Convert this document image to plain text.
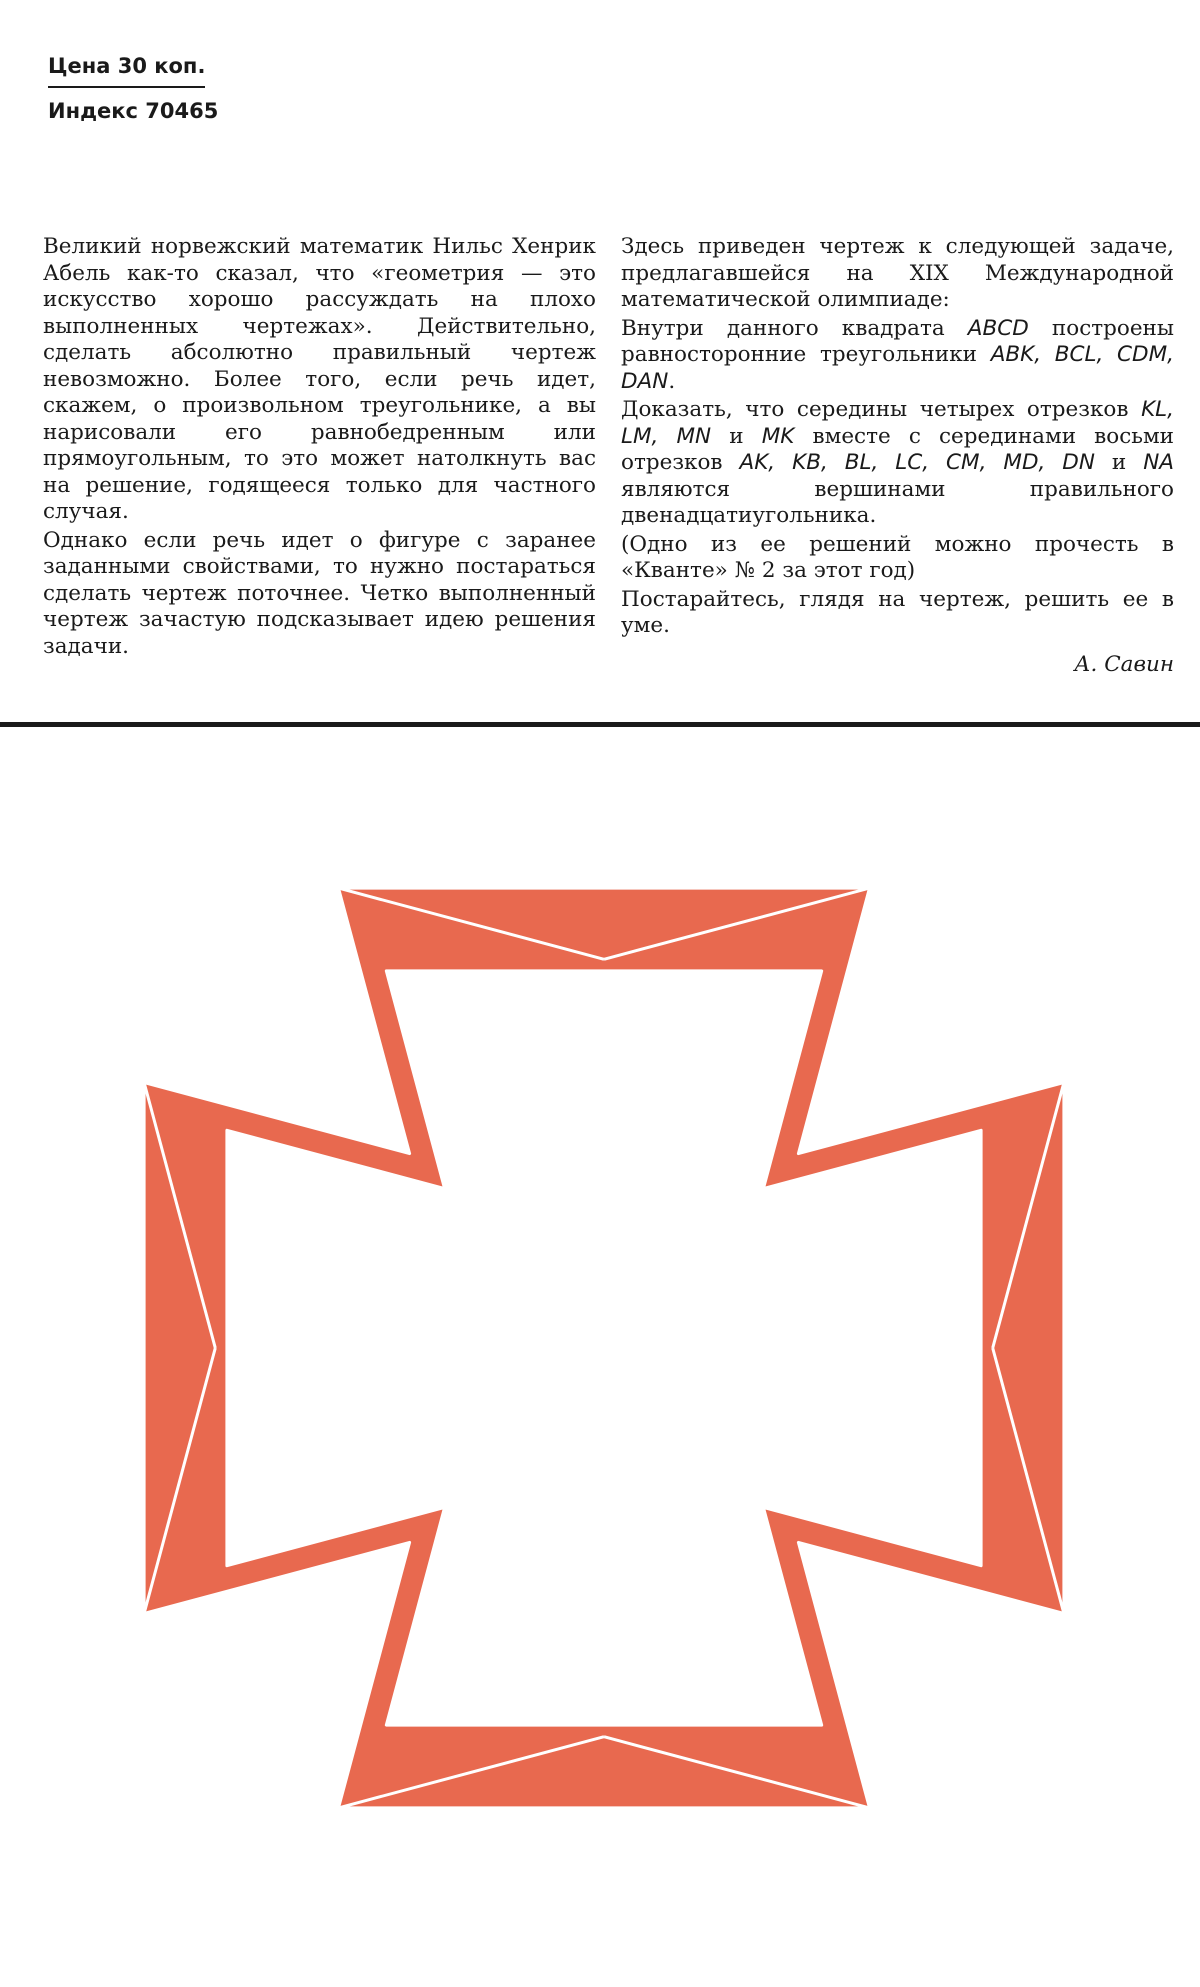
Цена 30 коп.
Индекс 70465

Великий норвежский математик Нильс Хенрик Абель как-то сказал, что «геометрия — это искусство хорошо рассуждать на плохо выполненных чертежах». Действительно, сделать абсолютно правильный чертеж невозможно. Более того, если речь идет, скажем, о произвольном треугольнике, а вы нарисовали его равнобедренным или прямоугольным, то это может натолкнуть вас на решение, годящееся только для частного случая.

Однако если речь идет о фигуре с заранее заданными свойствами, то нужно постараться сделать чертеж поточнее. Четко выполненный чертеж зачастую подсказывает идею решения задачи.

Здесь приведен чертеж к следующей задаче, предлагавшейся на XIX Международной математической олимпиаде:

Внутри данного квадрата ABCD построены равносторонние треугольники ABK, BCL, CDM, DAN.

Доказать, что середины четырех отрезков KL, LM, MN и MK вместе с серединами восьми отрезков AK, KB, BL, LC, CM, MD, DN и NA являются вершинами правильного двенадцатиугольника.

(Одно из ее решений можно прочесть в «Кванте» № 2 за этот год)

Постарайтесь, глядя на чертеж, решить ее в уме.

А. Савин
